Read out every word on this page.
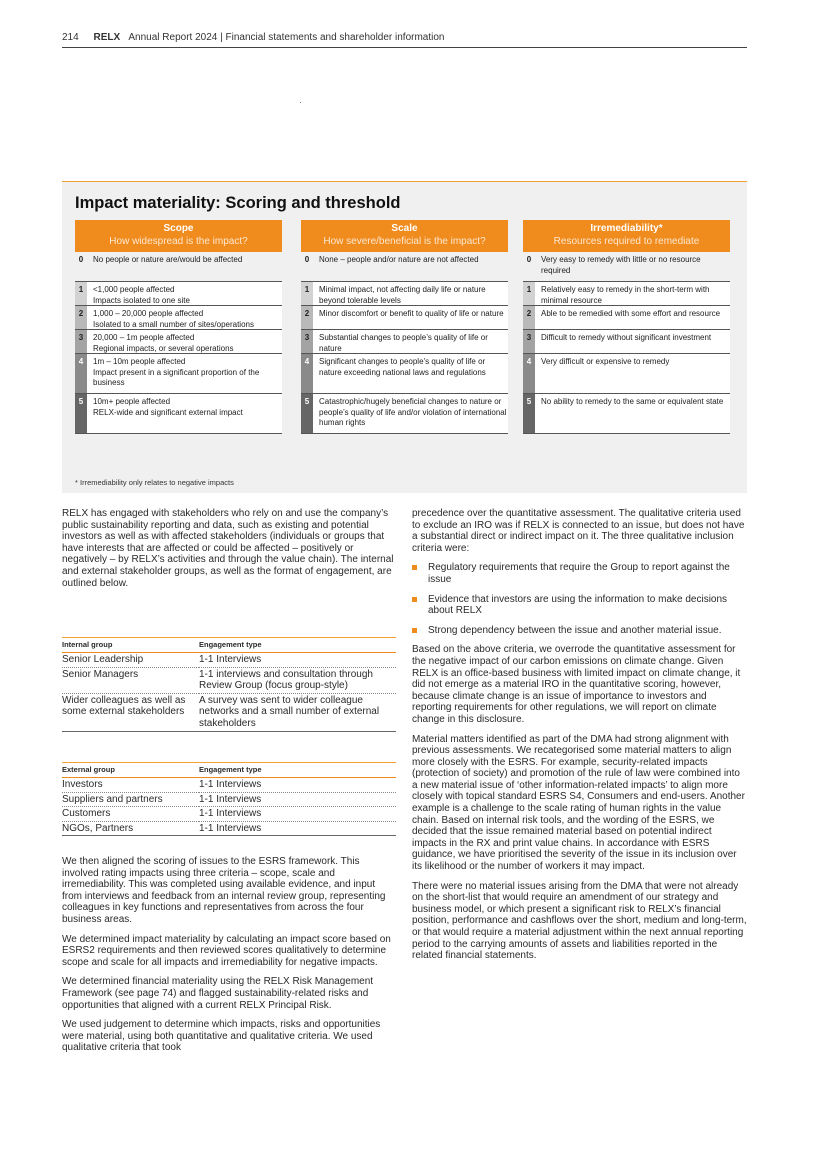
214 RELX Annual Report 2024 | Financial statements and shareholder information
Impact materiality: Scoring and threshold
Scope
How widespread is the impact?
0	No people or nature are/would be affected
1	<1,000 people affected
Impacts isolated to one site
2	1,000 – 20,000 people affected
Isolated to a small number of sites/operations
3	20,000 – 1m people affected
Regional impacts, or several operations
4	1m – 10m people affected
Impact present in a significant proportion of the business
5	10m+ people affected
RELX-wide and significant external impact
Scale
How severe/beneficial is the impact?
0	None – people and/or nature are not affected
1	Minimal impact, not affecting daily life or nature beyond tolerable levels
2	Minor discomfort or benefit to quality of life or nature
3	Substantial changes to people’s quality of life or nature
4	Significant changes to people’s quality of life or nature exceeding national laws and regulations
5	Catastrophic/hugely beneficial changes to nature or people’s quality of life and/or violation of international human rights
Irremediability*
Resources required to remediate
0	Very easy to remedy with little or no resource required
1	Relatively easy to remedy in the short-term with minimal resource
2	Able to be remedied with some effort and resource
3	Difficult to remedy without significant investment
4	Very difficult or expensive to remedy
5	No ability to remedy to the same or equivalent state
* Irremediability only relates to negative impacts

RELX has engaged with stakeholders who rely on and use the company’s public sustainability reporting and data, such as existing and potential investors as well as with affected stakeholders (individuals or groups that have interests that are affected or could be affected – positively or negatively – by RELX’s activities and through the value chain). The internal and external stakeholder groups, as well as the format of engagement, are outlined below.

Internal group	Engagement type
Senior Leadership	1-1 Interviews
Senior Managers	1-1 interviews and consultation through Review Group (focus group-style)
Wider colleagues as well as some external stakeholders	A survey was sent to wider colleague networks and a small number of external stakeholders
External group	Engagement type
Investors	1-1 Interviews
Suppliers and partners	1-1 Interviews
Customers	1-1 Interviews
NGOs, Partners	1-1 Interviews

We then aligned the scoring of issues to the ESRS framework. This involved rating impacts using three criteria – scope, scale and irremediability. This was completed using available evidence, and input from interviews and feedback from an internal review group, representing colleagues in key functions and representatives from across the four business areas.

We determined impact materiality by calculating an impact score based on ESRS2 requirements and then reviewed scores qualitatively to determine scope and scale for all impacts and irremediability for negative impacts.

We determined financial materiality using the RELX Risk Management Framework (see page 74) and flagged sustainability-related risks and opportunities that aligned with a current RELX Principal Risk.

We used judgement to determine which impacts, risks and opportunities were material, using both quantitative and qualitative criteria. We used qualitative criteria that took

precedence over the quantitative assessment. The qualitative criteria used to exclude an IRO was if RELX is connected to an issue, but does not have a substantial direct or indirect impact on it. The three qualitative inclusion criteria were:

Regulatory requirements that require the Group to report against the issue
Evidence that investors are using the information to make decisions about RELX
Strong dependency between the issue and another material issue.

Based on the above criteria, we overrode the quantitative assessment for the negative impact of our carbon emissions on climate change. Given RELX is an office-based business with limited impact on climate change, it did not emerge as a material IRO in the quantitative scoring, however, because climate change is an issue of importance to investors and reporting requirements for other regulations, we will report on climate change in this disclosure.

Material matters identified as part of the DMA had strong alignment with previous assessments. We recategorised some material matters to align more closely with the ESRS. For example, security-related impacts (protection of society) and promotion of the rule of law were combined into a new material issue of ‘other information-related impacts’ to align more closely with topical standard ESRS S4, Consumers and end-users. Another example is a challenge to the scale rating of human rights in the value chain. Based on internal risk tools, and the wording of the ESRS, we decided that the issue remained material based on potential indirect impacts in the RX and print value chains. In accordance with ESRS guidance, we have prioritised the severity of the issue in its inclusion over its likelihood or the number of workers it may impact.

There were no material issues arising from the DMA that were not already on the short-list that would require an amendment of our strategy and business model, or which present a significant risk to RELX’s financial position, performance and cashflows over the short, medium and long-term, or that would require a material adjustment within the next annual reporting period to the carrying amounts of assets and liabilities reported in the related financial statements.
